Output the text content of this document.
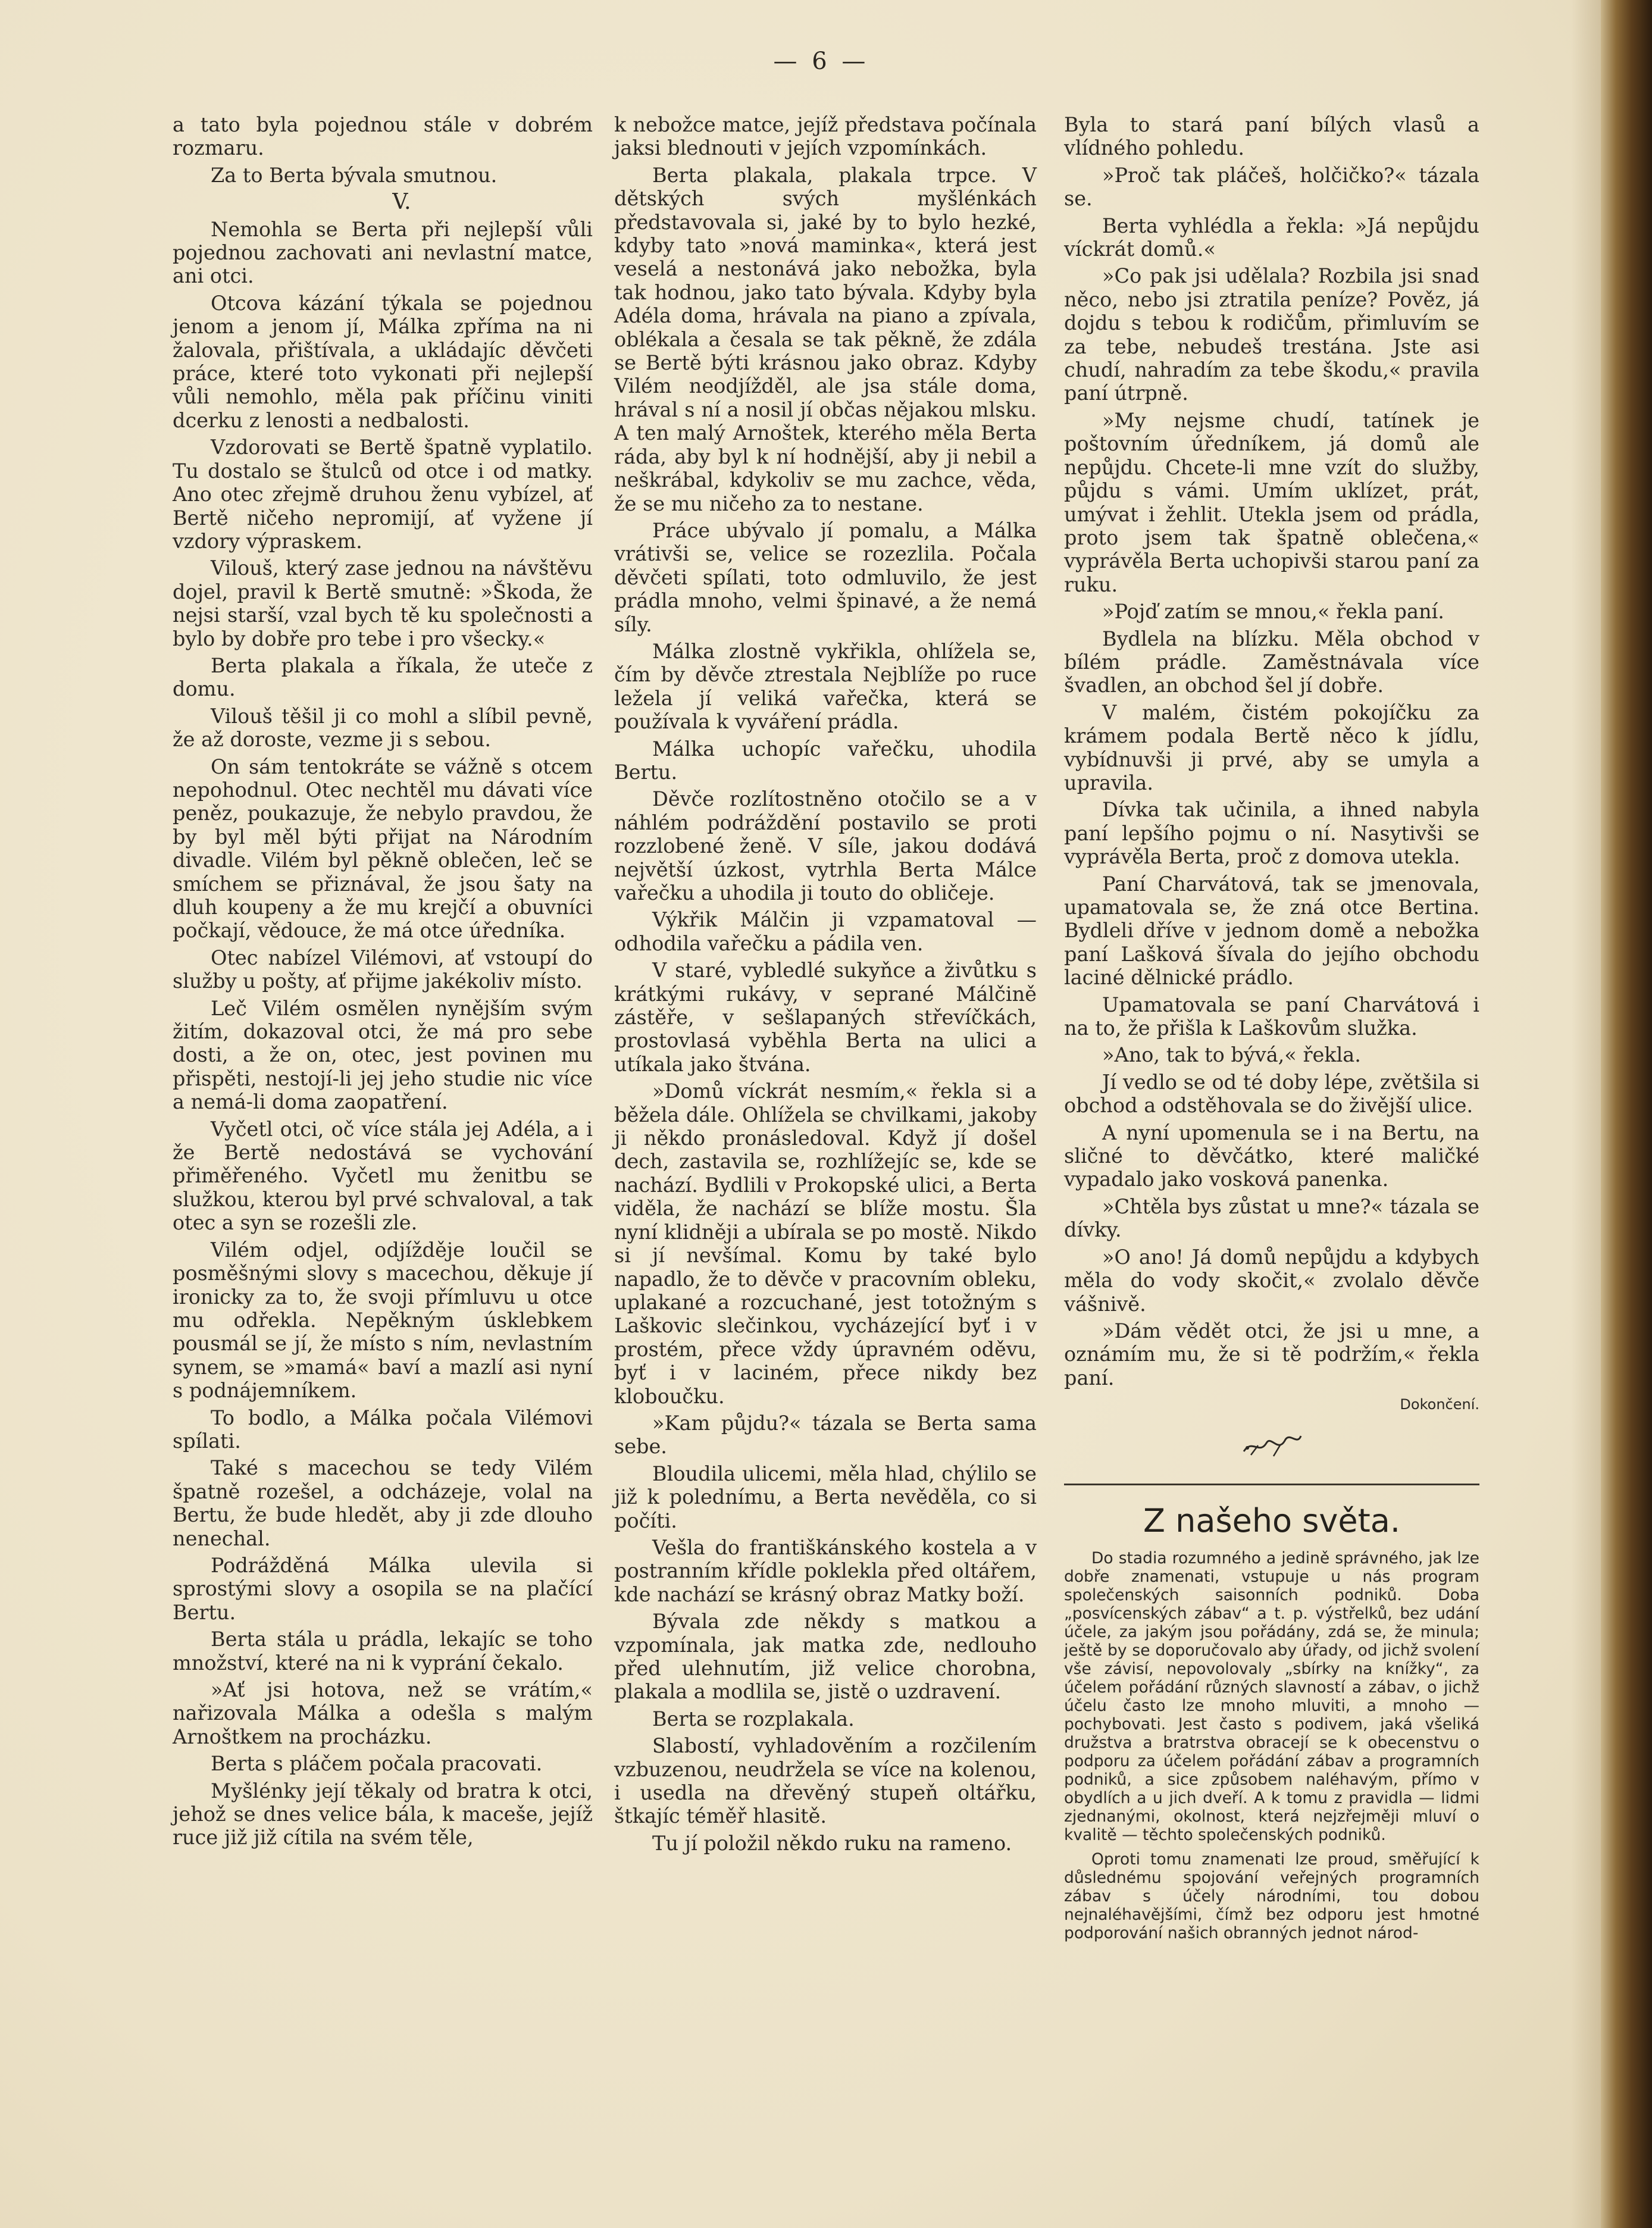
— 6 —

a tato byla pojednou stále v dobrém rozmaru.

Za to Berta bývala smutnou.

V.

Nemohla se Berta při nejlepší vůli pojednou zachovati ani nevlastní matce, ani otci.

Otcova kázání týkala se pojednou jenom a jenom jí, Málka zpříma na ni žalovala, přištívala, a ukládajíc děvčeti práce, které toto vykonati při nejlepší vůli nemohlo, měla pak příčinu viniti dcerku z lenosti a nedbalosti.

Vzdorovati se Bertě špatně vyplatilo. Tu dostalo se štulců od otce i od matky. Ano otec zřejmě druhou ženu vybízel, ať Bertě ničeho nepromijí, ať vyžene jí vzdory výpraskem.

Vilouš, který zase jednou na návštěvu dojel, pravil k Bertě smutně: »Škoda, že nejsi starší, vzal bych tě ku společnosti a bylo by dobře pro tebe i pro všecky.«

Berta plakala a říkala, že uteče z domu.

Vilouš těšil ji co mohl a slíbil pevně, že až doroste, vezme ji s sebou.

On sám tentokráte se vážně s otcem nepohodnul. Otec nechtěl mu dávati více peněz, poukazuje, že nebylo pravdou, že by byl měl býti přijat na Národním divadle. Vilém byl pěkně oblečen, leč se smíchem se přiznával, že jsou šaty na dluh koupeny a že mu krejčí a obuvníci počkají, vědouce, že má otce úředníka.

Otec nabízel Vilémovi, ať vstoupí do služby u pošty, ať přijme jakékoliv místo.

Leč Vilém osmělen nynějším svým žitím, dokazoval otci, že má pro sebe dosti, a že on, otec, jest povinen mu přispěti, nestojí-li jej jeho studie nic více a nemá-li doma zaopatření.

Vyčetl otci, oč více stála jej Adéla, a i že Bertě nedostává se vychování přiměřeného. Vyčetl mu ženitbu se služkou, kterou byl prvé schvaloval, a tak otec a syn se rozešli zle.

Vilém odjel, odjížděje loučil se posměšnými slovy s macechou, děkuje jí ironicky za to, že svoji přímluvu u otce mu odřekla. Nepěkným úsklebkem pousmál se jí, že místo s ním, nevlastním synem, se »mamá« baví a mazlí asi nyní s podnájemníkem.

To bodlo, a Málka počala Vilémovi spílati.

Také s macechou se tedy Vilém špatně rozešel, a odcházeje, volal na Bertu, že bude hledět, aby ji zde dlouho nenechal.

Podrážděná Málka ulevila si sprostými slovy a osopila se na plačící Bertu.

Berta stála u prádla, lekajíc se toho množství, které na ni k vyprání čekalo.

»Ať jsi hotova, než se vrátím,« nařizovala Málka a odešla s malým Arnoštkem na procházku.

Berta s pláčem počala pracovati.

Myšlénky její těkaly od bratra k otci, jehož se dnes velice bála, k maceše, jejíž ruce již již cítila na svém těle,

k nebožce matce, jejíž představa počínala jaksi blednouti v jejích vzpomínkách.

Berta plakala, plakala trpce. V dětských svých myšlénkách představovala si, jaké by to bylo hezké, kdyby tato »nová maminka«, která jest veselá a nestonává jako nebožka, byla tak hodnou, jako tato bývala. Kdyby byla Adéla doma, hrávala na piano a zpívala, oblékala a česala se tak pěkně, že zdála se Bertě býti krásnou jako obraz. Kdyby Vilém neodjížděl, ale jsa stále doma, hrával s ní a nosil jí občas nějakou mlsku. A ten malý Arnoštek, kterého měla Berta ráda, aby byl k ní hodnější, aby ji nebil a neškrábal, kdykoliv se mu zachce, věda, že se mu ničeho za to nestane.

Práce ubývalo jí pomalu, a Málka vrátivši se, velice se rozezlila. Počala děvčeti spílati, toto odmluvilo, že jest prádla mnoho, velmi špinavé, a že nemá síly.

Málka zlostně vykřikla, ohlížela se, čím by děvče ztrestala Nejblíže po ruce ležela jí veliká vařečka, která se používala k vyváření prádla.

Málka uchopíc vařečku, uhodila Bertu.

Děvče rozlítostněno otočilo se a v náhlém podráždění postavilo se proti rozzlobené ženě. V síle, jakou dodává největší úzkost, vytrhla Berta Málce vařečku a uhodila ji touto do obličeje.

Výkřik Málčin ji vzpamatoval — odhodila vařečku a pádila ven.

V staré, vybledlé sukyňce a živůtku s krátkými rukávy, v seprané Málčině zástěře, v sešlapaných střevíčkách, prostovlasá vyběhla Berta na ulici a utíkala jako štvána.

»Domů víckrát nesmím,« řekla si a běžela dále. Ohlížela se chvilkami, jakoby ji někdo pronásledoval. Když jí došel dech, zastavila se, rozhlížejíc se, kde se nachází. Bydlili v Prokopské ulici, a Berta viděla, že nachází se blíže mostu. Šla nyní klidněji a ubírala se po mostě. Nikdo si jí nevšímal. Komu by také bylo napadlo, že to děvče v pracovním obleku, uplakané a rozcuchané, jest totožným s Laškovic slečinkou, vycházející byť i v prostém, přece vždy úpravném oděvu, byť i v laciném, přece nikdy bez kloboučku.

»Kam půjdu?« tázala se Berta sama sebe.

Bloudila ulicemi, měla hlad, chýlilo se již k polednímu, a Berta nevěděla, co si počíti.

Vešla do františkánského kostela a v postranním křídle poklekla před oltářem, kde nachází se krásný obraz Matky boží.

Bývala zde někdy s matkou a vzpomínala, jak matka zde, nedlouho před ulehnutím, již velice chorobna, plakala a modlila se, jistě o uzdravení.

Berta se rozplakala.

Slabostí, vyhladověním a rozčilením vzbuzenou, neudržela se více na kolenou, i usedla na dřevěný stupeň oltářku, štkajíc téměř hlasitě.

Tu jí položil někdo ruku na rameno.

Byla to stará paní bílých vlasů a vlídného pohledu.

»Proč tak pláčeš, holčičko?« tázala se.

Berta vyhlédla a řekla: »Já nepůjdu víckrát domů.«

»Co pak jsi udělala? Rozbila jsi snad něco, nebo jsi ztratila peníze? Pověz, já dojdu s tebou k rodičům, přimluvím se za tebe, nebudeš trestána. Jste asi chudí, nahradím za tebe škodu,« pravila paní útrpně.

»My nejsme chudí, tatínek je poštovním úředníkem, já domů ale nepůjdu. Chcete-li mne vzít do služby, půjdu s vámi. Umím uklízet, prát, umývat i žehlit. Utekla jsem od prádla, proto jsem tak špatně oblečena,« vyprávěla Berta uchopivši starou paní za ruku.

»Pojď zatím se mnou,« řekla paní.

Bydlela na blízku. Měla obchod v bílém prádle. Zaměstnávala více švadlen, an obchod šel jí dobře.

V malém, čistém pokojíčku za krámem podala Bertě něco k jídlu, vybídnuvši ji prvé, aby se umyla a upravila.

Dívka tak učinila, a ihned nabyla paní lepšího pojmu o ní. Nasytivši se vyprávěla Berta, proč z domova utekla.

Paní Charvátová, tak se jmenovala, upamatovala se, že zná otce Bertina. Bydleli dříve v jednom domě a nebožka paní Lašková šívala do jejího obchodu laciné dělnické prádlo.

Upamatovala se paní Charvátová i na to, že přišla k Laškovům služka.

»Ano, tak to bývá,« řekla.

Jí vedlo se od té doby lépe, zvětšila si obchod a odstěhovala se do živější ulice.

A nyní upomenula se i na Bertu, na sličné to děvčátko, které maličké vypadalo jako vosková panenka.

»Chtěla bys zůstat u mne?« tázala se dívky.

»O ano! Já domů nepůjdu a kdybych měla do vody skočit,« zvolalo děvče vášnivě.

»Dám vědět otci, že jsi u mne, a oznámím mu, že si tě podržím,« řekla paní.

Dokončení.

Z našeho světa.

Do stadia rozumného a jedině správného, jak lze dobře znamenati, vstupuje u nás program společenských saisonních podniků. Doba „posvícenských zábav“ a t. p. výstřelků, bez udání účele, za jakým jsou pořádány, zdá se, že minula; ještě by se doporučovalo aby úřady, od jichž svolení vše závisí, nepovolovaly „sbírky na knížky“, za účelem pořádání různých slavností a zábav, o jichž účelu často lze mnoho mluviti, a mnoho — pochybovati. Jest často s podivem, jaká všeliká družstva a bratrstva obracejí se k obecenstvu o podporu za účelem pořádání zábav a programních podniků, a sice způsobem naléhavým, přímo v obydlích a u jich dveří. A k tomu z pravidla — lidmi zjednanými, okolnost, která nejzřejměji mluví o kvalitě — těchto společenských podniků.

Oproti tomu znamenati lze proud, směřující k důslednému spojování veřejných programních zábav s účely národními, tou dobou nejnaléhavějšími, čímž bez odporu jest hmotné podporování našich obranných jednot národ-
